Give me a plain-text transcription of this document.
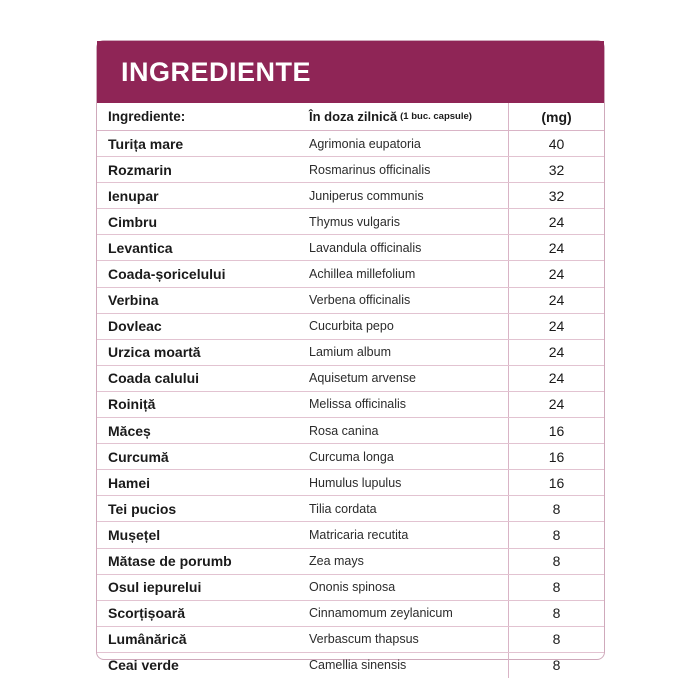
INGREDIENTE
Ingrediente:	În doza zilnică (1 buc. capsule)	(mg)
Turița mare	Agrimonia eupatoria	40
Rozmarin	Rosmarinus officinalis	32
Ienupar	Juniperus communis	32
Cimbru	Thymus vulgaris	24
Levantica	Lavandula officinalis	24
Coada-șoricelului	Achillea millefolium	24
Verbina	Verbena officinalis	24
Dovleac	Cucurbita pepo	24
Urzica moartă	Lamium album	24
Coada calului	Aquisetum arvense	24
Roiniță	Melissa officinalis	24
Măceș	Rosa canina	16
Curcumă	Curcuma longa	16
Hamei	Humulus lupulus	16
Tei pucios	Tilia cordata	8
Mușețel	Matricaria recutita	8
Mătase de porumb	Zea mays	8
Osul iepurelui	Ononis spinosa	8
Scorțișoară	Cinnamomum zeylanicum	8
Lumânărică	Verbascum thapsus	8
Ceai verde	Camellia sinensis	8
